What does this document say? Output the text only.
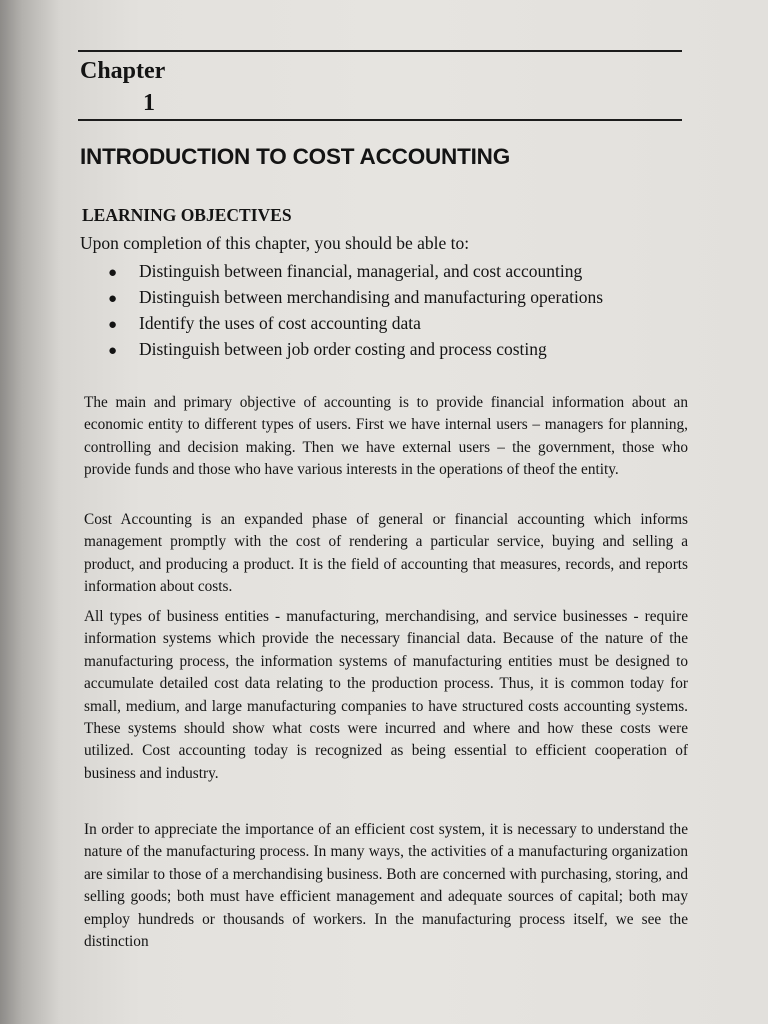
Chapter
1
INTRODUCTION TO COST ACCOUNTING
LEARNING OBJECTIVES
Upon completion of this chapter, you should be able to:
● Distinguish between financial, managerial, and cost accounting
● Distinguish between merchandising and manufacturing operations
● Identify the uses of cost accounting data
● Distinguish between job order costing and process costing

The main and primary objective of accounting is to provide financial information about an economic entity to different types of users. First we have internal users – managers for planning, controlling and decision making. Then we have external users – the government, those who provide funds and those who have various interests in the operations of theof the entity.

Cost Accounting is an expanded phase of general or financial accounting which informs management promptly with the cost of rendering a particular service, buying and selling a product, and producing a product. It is the field of accounting that measures, records, and reports information about costs.

All types of business entities - manufacturing, merchandising, and service businesses - require information systems which provide the necessary financial data. Because of the nature of the manufacturing process, the information systems of manufacturing entities must be designed to accumulate detailed cost data relating to the production process. Thus, it is common today for small, medium, and large manufacturing companies to have structured costs accounting systems. These systems should show what costs were incurred and where and how these costs were utilized. Cost accounting today is recognized as being essential to efficient cooperation of business and industry.

In order to appreciate the importance of an efficient cost system, it is necessary to understand the nature of the manufacturing process. In many ways, the activities of a manufacturing organization are similar to those of a merchandising business. Both are concerned with purchasing, storing, and selling goods; both must have efficient management and adequate sources of capital; both may employ hundreds or thousands of workers. In the manufacturing process itself, we see the distinction
